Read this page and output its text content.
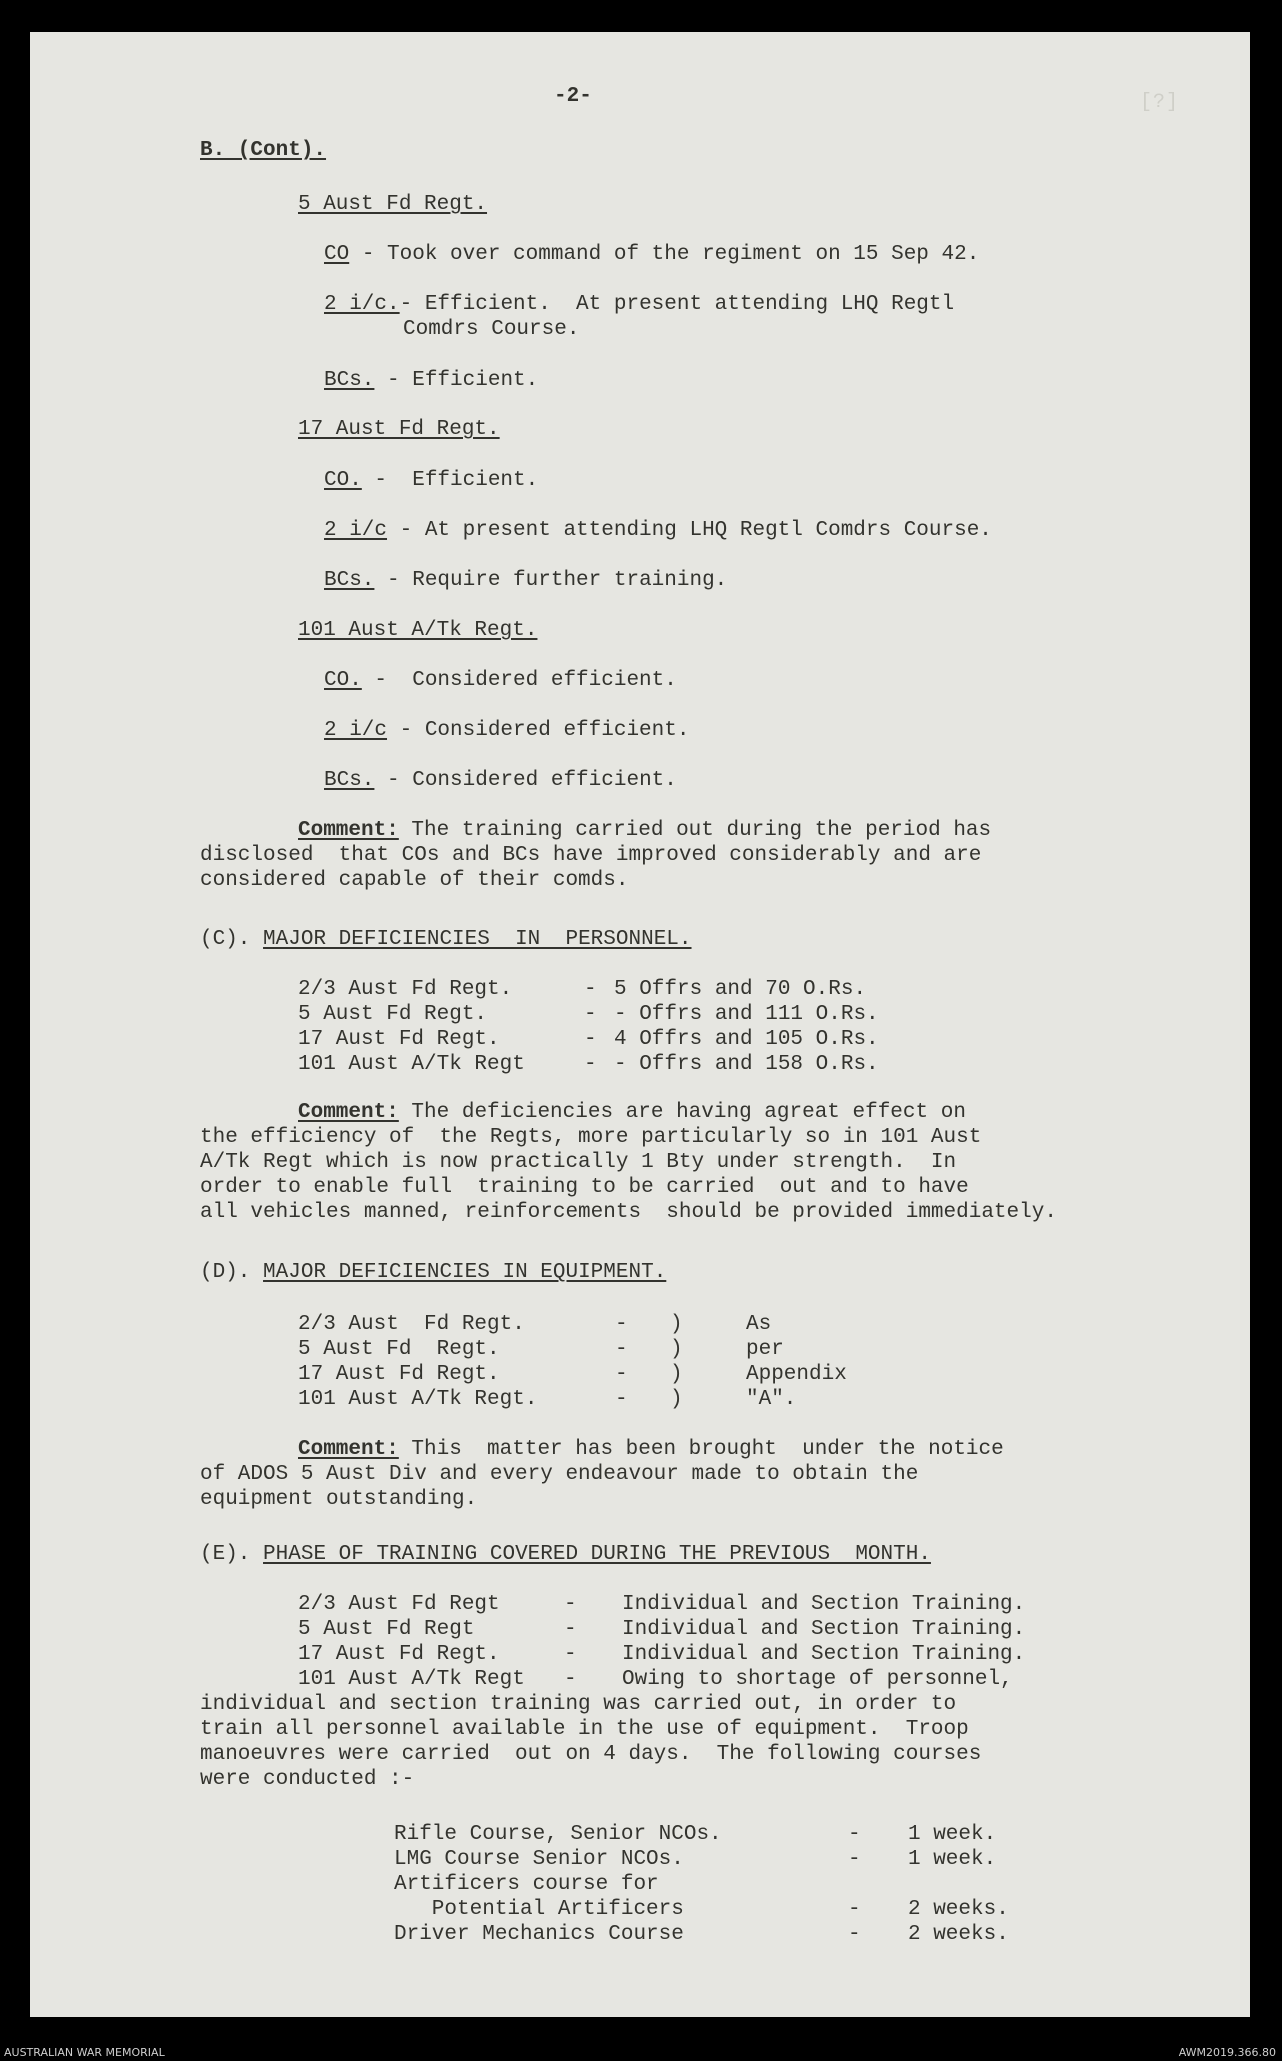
[?]
-2-
B. (Cont).
5 Aust Fd Regt.
CO - Took over command of the regiment on 15 Sep 42.
2 i/c.- Efficient.  At present attending LHQ Regtl
Comdrs Course.
BCs. - Efficient.
17 Aust Fd Regt.
CO. -  Efficient.
2 i/c - At present attending LHQ Regtl Comdrs Course.
BCs. - Require further training.
101 Aust A/Tk Regt.
CO. -  Considered efficient.
2 i/c - Considered efficient.
BCs. - Considered efficient.
Comment: The training carried out during the period has
disclosed  that COs and BCs have improved considerably and are
considered capable of their comds.
(C). MAJOR DEFICIENCIES  IN  PERSONNEL.
2/3 Aust Fd Regt.	- 5 Offrs and 70 O.Rs.
5 Aust Fd Regt.	- - Offrs and 111 O.Rs.
17 Aust Fd Regt.	- 4 Offrs and 105 O.Rs.
101 Aust A/Tk Regt	- - Offrs and 158 O.Rs.
Comment: The deficiencies are having agreat effect on
the efficiency of  the Regts, more particularly so in 101 Aust
A/Tk Regt which is now practically 1 Bty under strength.  In
order to enable full  training to be carried  out and to have
all vehicles manned, reinforcements  should be provided immediately.
(D). MAJOR DEFICIENCIES IN EQUIPMENT.
2/3 Aust  Fd Regt.	- )	As
5 Aust Fd  Regt.	- )	per
17 Aust Fd Regt.	- )	Appendix
101 Aust A/Tk Regt.	- )	"A".
Comment: This  matter has been brought  under the notice
of ADOS 5 Aust Div and every endeavour made to obtain the
equipment outstanding.
(E). PHASE OF TRAINING COVERED DURING THE PREVIOUS  MONTH.
2/3 Aust Fd Regt	- Individual and Section Training.
5 Aust Fd Regt	- Individual and Section Training.
17 Aust Fd Regt.	- Individual and Section Training.
101 Aust A/Tk Regt - Owing to shortage of personnel,
individual and section training was carried out, in order to
train all personnel available in the use of equipment.  Troop
manoeuvres were carried  out on 4 days.  The following courses
were conducted :-
Rifle Course, Senior NCOs.	- 1 week.
LMG Course Senior NCOs.	- 1 week.
Artificers course for
Potential Artificers	- 2 weeks.
Driver Mechanics Course	- 2 weeks.
AUSTRALIAN WAR MEMORIAL	AWM2019.366.80
